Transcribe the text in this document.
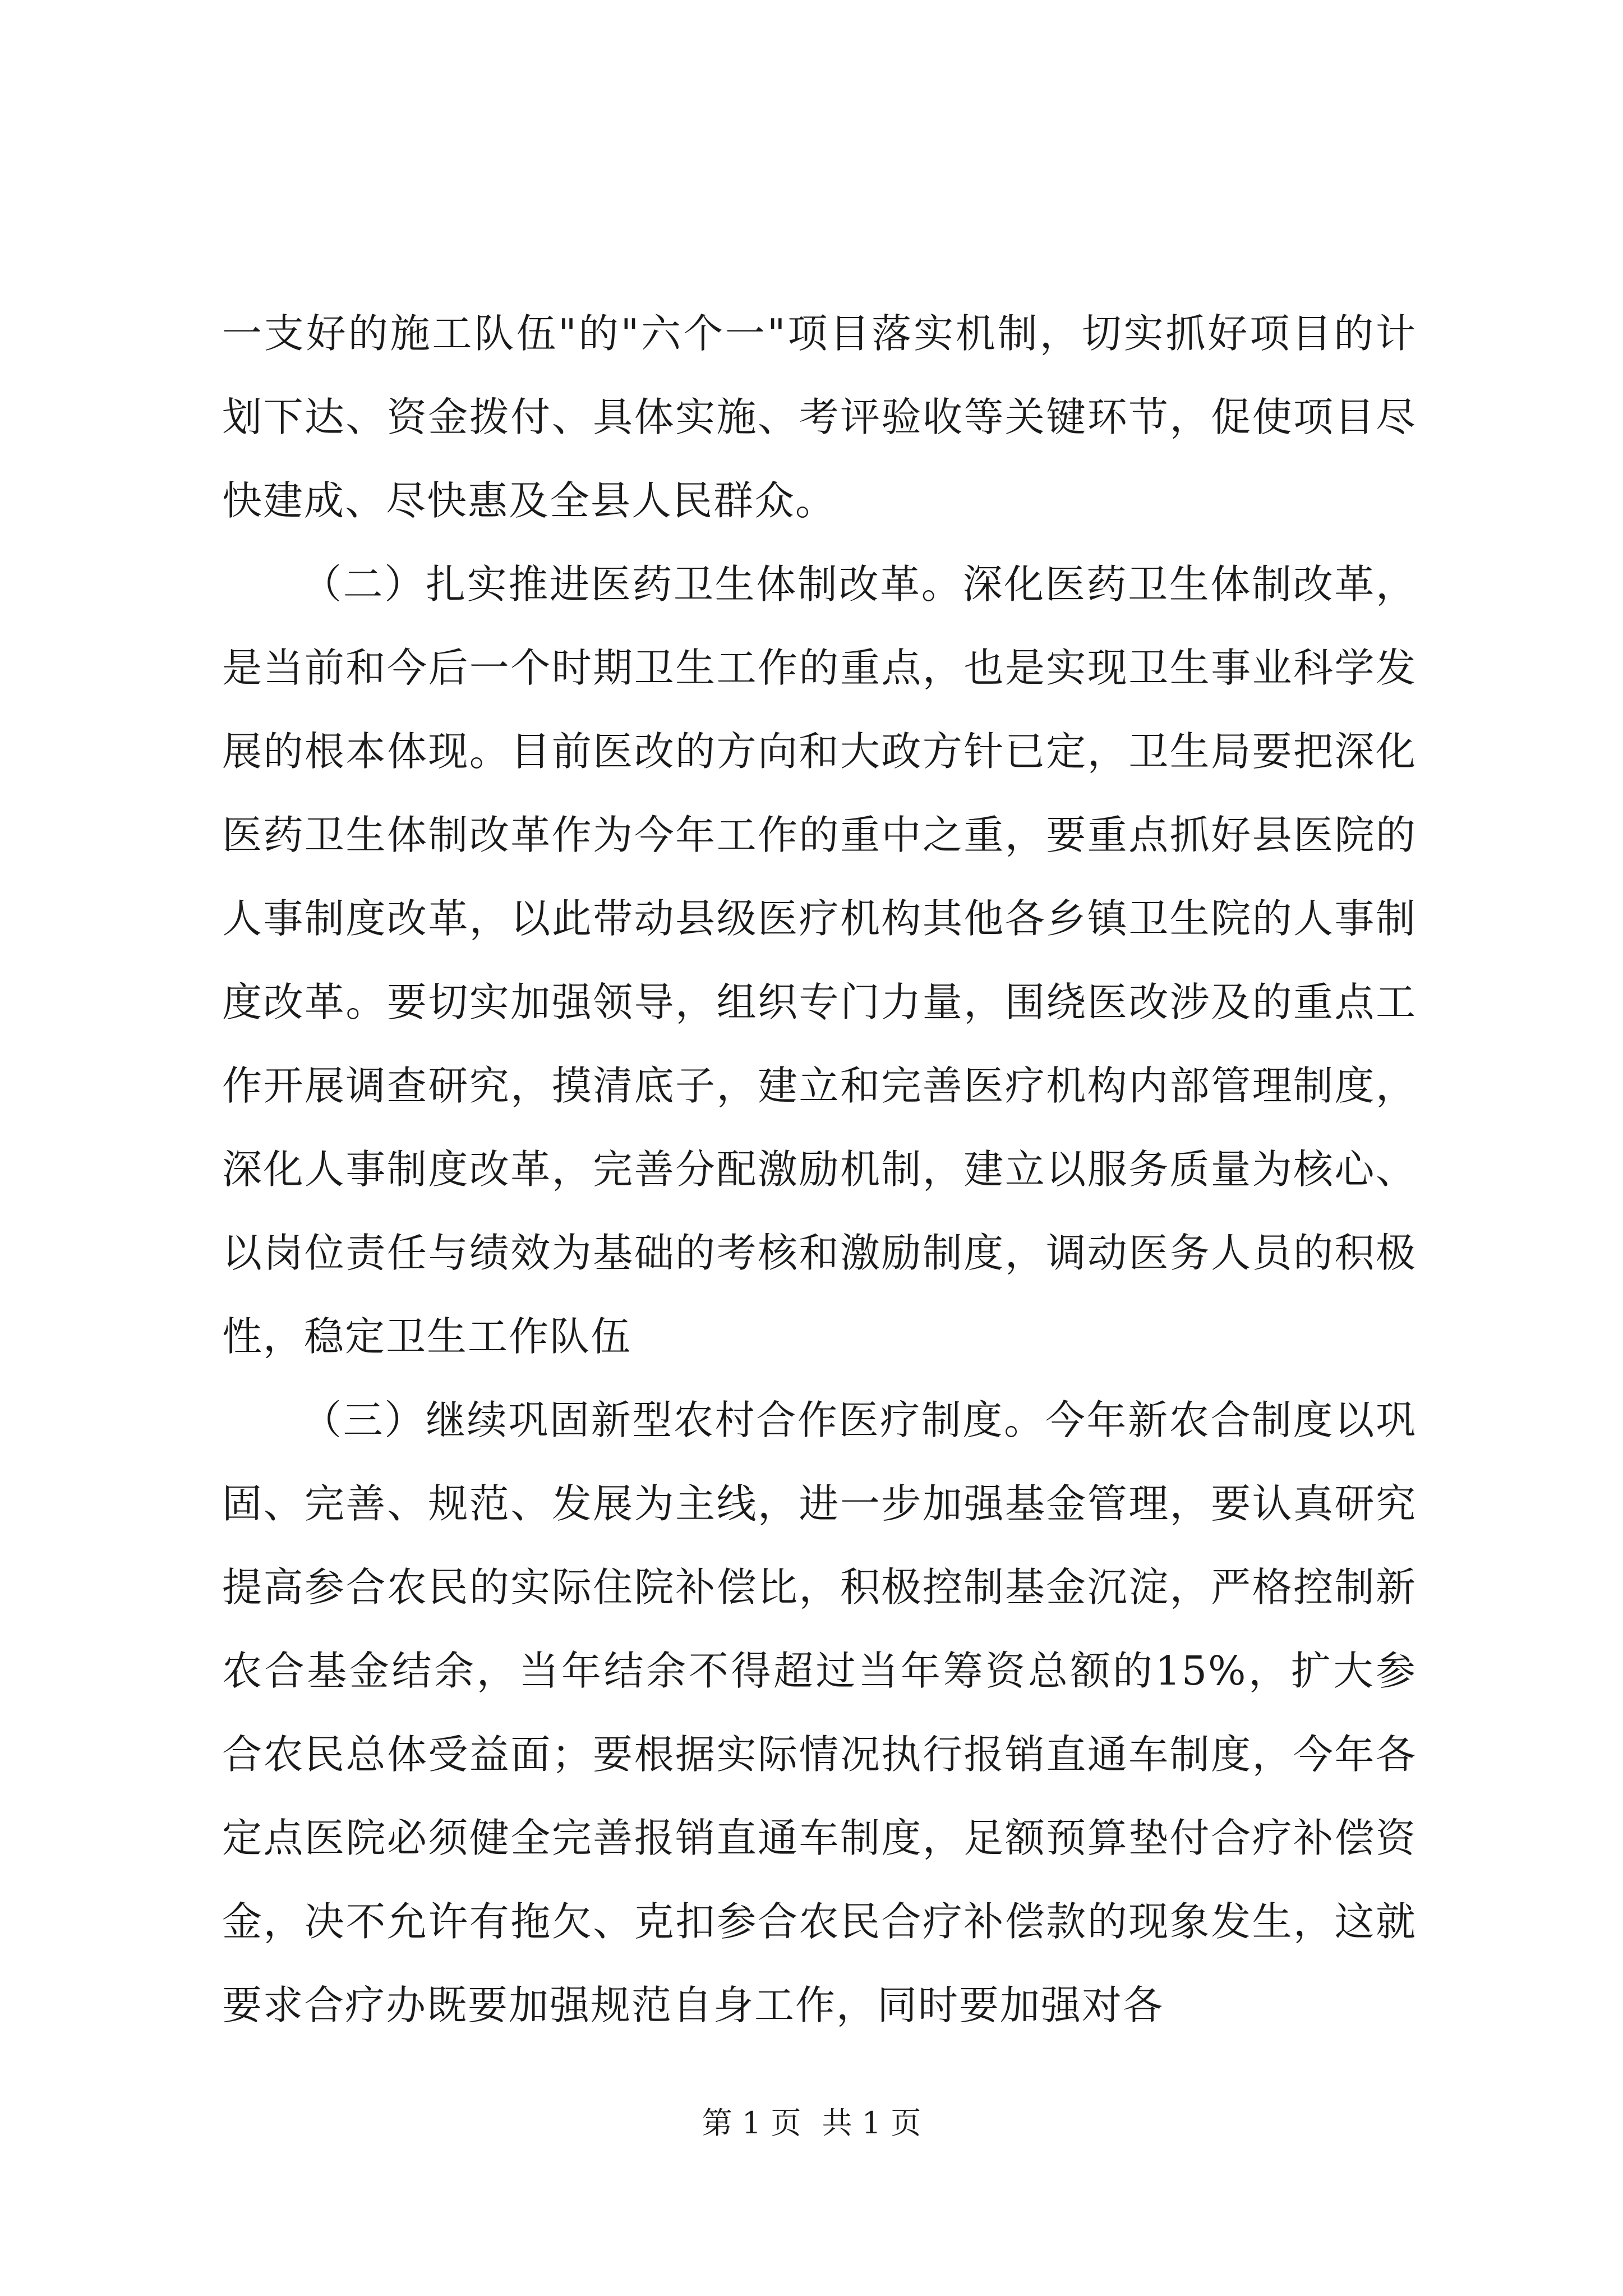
一支好的施工队伍"的"六个一"项目落实机制，切实抓好项目的计划下达、资金拨付、具体实施、考评验收等关键环节，促使项目尽快建成、尽快惠及全县人民群众。

（二）扎实推进医药卫生体制改革。深化医药卫生体制改革，是当前和今后一个时期卫生工作的重点，也是实现卫生事业科学发展的根本体现。目前医改的方向和大政方针已定，卫生局要把深化医药卫生体制改革作为今年工作的重中之重，要重点抓好县医院的人事制度改革，以此带动县级医疗机构其他各乡镇卫生院的人事制度改革。要切实加强领导，组织专门力量，围绕医改涉及的重点工作开展调查研究，摸清底子，建立和完善医疗机构内部管理制度，深化人事制度改革，完善分配激励机制，建立以服务质量为核心、以岗位责任与绩效为基础的考核和激励制度，调动医务人员的积极性，稳定卫生工作队伍

（三）继续巩固新型农村合作医疗制度。今年新农合制度以巩固、完善、规范、发展为主线，进一步加强基金管理，要认真研究提高参合农民的实际住院补偿比，积极控制基金沉淀，严格控制新农合基金结余，当年结余不得超过当年筹资总额的15%，扩大参合农民总体受益面；要根据实际情况执行报销直通车制度，今年各定点医院必须健全完善报销直通车制度，足额预算垫付合疗补偿资金，决不允许有拖欠、克扣参合农民合疗补偿款的现象发生，这就要求合疗办既要加强规范自身工作，同时要加强对各

第 1 页 共 1 页
